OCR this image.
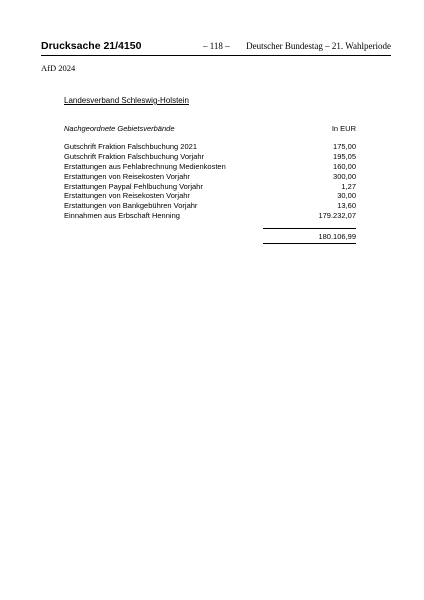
Drucksache 21/4150	– 118 – Deutscher Bundestag – 21. Wahlperiode
AfD 2024
Landesverband Schleswig-Holstein
Nachgeordnete Gebietsverbände	In EUR
Gutschrift Fraktion Falschbuchung 2021	175,00
Gutschrift Fraktion Falschbuchung Vorjahr	195,05
Erstattungen aus Fehlabrechnung Medienkosten	160,00
Erstattungen von Reisekosten Vorjahr	300,00
Erstattungen Paypal Fehlbuchung Vorjahr	1,27
Erstattungen von Reisekosten Vorjahr	30,00
Erstattungen von Bankgebühren Vorjahr	13,60
Einnahmen aus Erbschaft Henning	179.232,07
180.106,99
